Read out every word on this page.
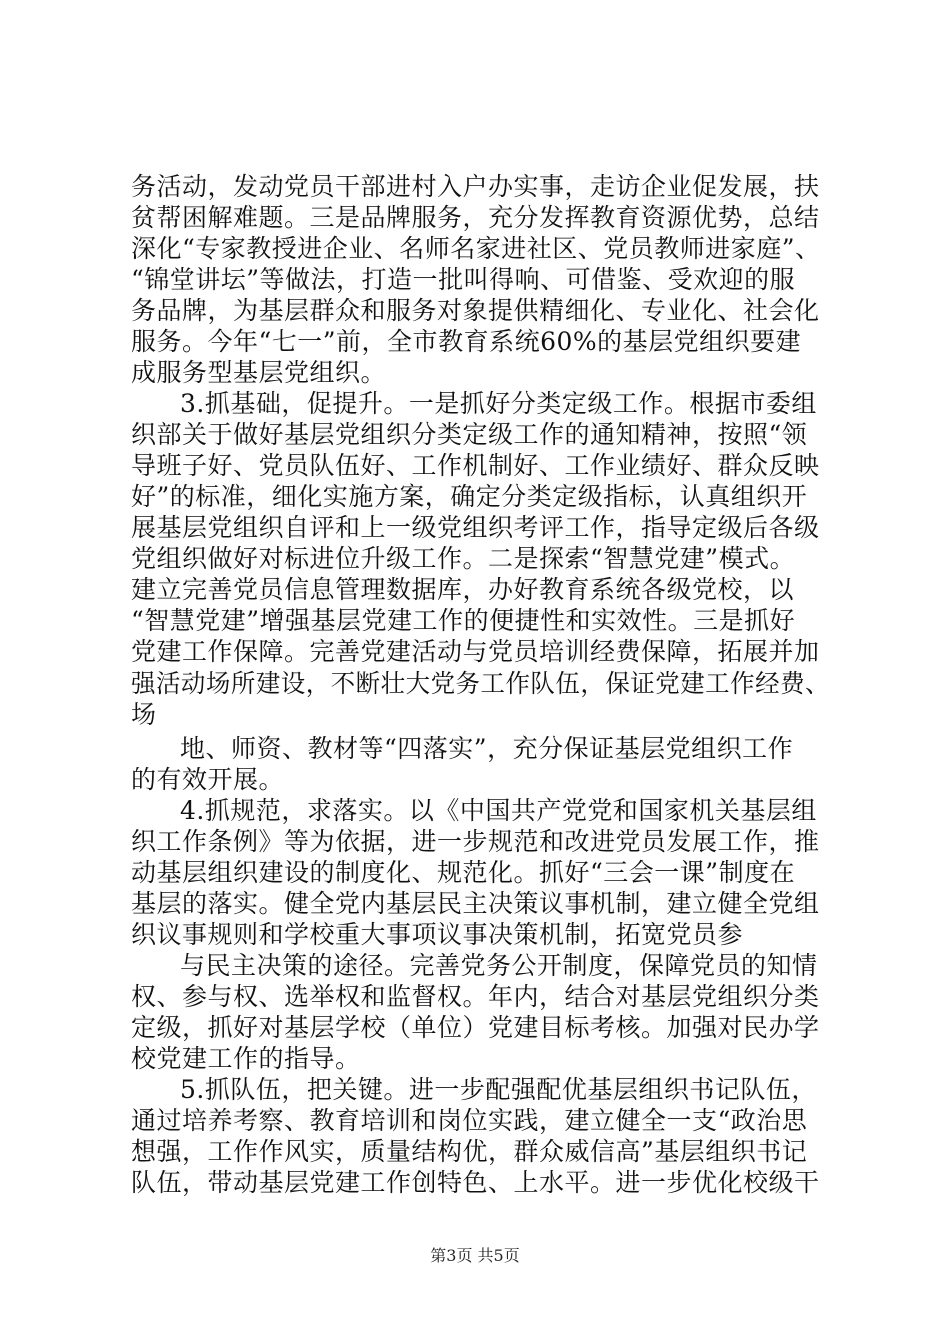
务活动，发动党员干部进村入户办实事，走访企业促发展，扶
贫帮困解难题。三是品牌服务，充分发挥教育资源优势，总结
深化“专家教授进企业、名师名家进社区、党员教师进家庭”、
“锦堂讲坛”等做法，打造一批叫得响、可借鉴、受欢迎的服
务品牌，为基层群众和服务对象提供精细化、专业化、社会化
服务。今年“七一”前，全市教育系统60%的基层党组织要建
成服务型基层党组织。
3.抓基础，促提升。一是抓好分类定级工作。根据市委组
织部关于做好基层党组织分类定级工作的通知精神，按照“领
导班子好、党员队伍好、工作机制好、工作业绩好、群众反映
好”的标准，细化实施方案，确定分类定级指标，认真组织开
展基层党组织自评和上一级党组织考评工作，指导定级后各级
党组织做好对标进位升级工作。二是探索“智慧党建”模式。
建立完善党员信息管理数据库，办好教育系统各级党校，以
“智慧党建”增强基层党建工作的便捷性和实效性。三是抓好
党建工作保障。完善党建活动与党员培训经费保障，拓展并加
强活动场所建设，不断壮大党务工作队伍，保证党建工作经费、
场
地、师资、教材等“四落实”，充分保证基层党组织工作
的有效开展。
4.抓规范，求落实。以《中国共产党党和国家机关基层组
织工作条例》等为依据，进一步规范和改进党员发展工作，推
动基层组织建设的制度化、规范化。抓好“三会一课”制度在
基层的落实。健全党内基层民主决策议事机制，建立健全党组
织议事规则和学校重大事项议事决策机制，拓宽党员参
与民主决策的途径。完善党务公开制度，保障党员的知情
权、参与权、选举权和监督权。年内，结合对基层党组织分类
定级，抓好对基层学校（单位）党建目标考核。加强对民办学
校党建工作的指导。
5.抓队伍，把关键。进一步配强配优基层组织书记队伍，
通过培养考察、教育培训和岗位实践，建立健全一支“政治思
想强，工作作风实，质量结构优，群众威信高”基层组织书记
队伍，带动基层党建工作创特色、上水平。进一步优化校级干
第3页 共5页
